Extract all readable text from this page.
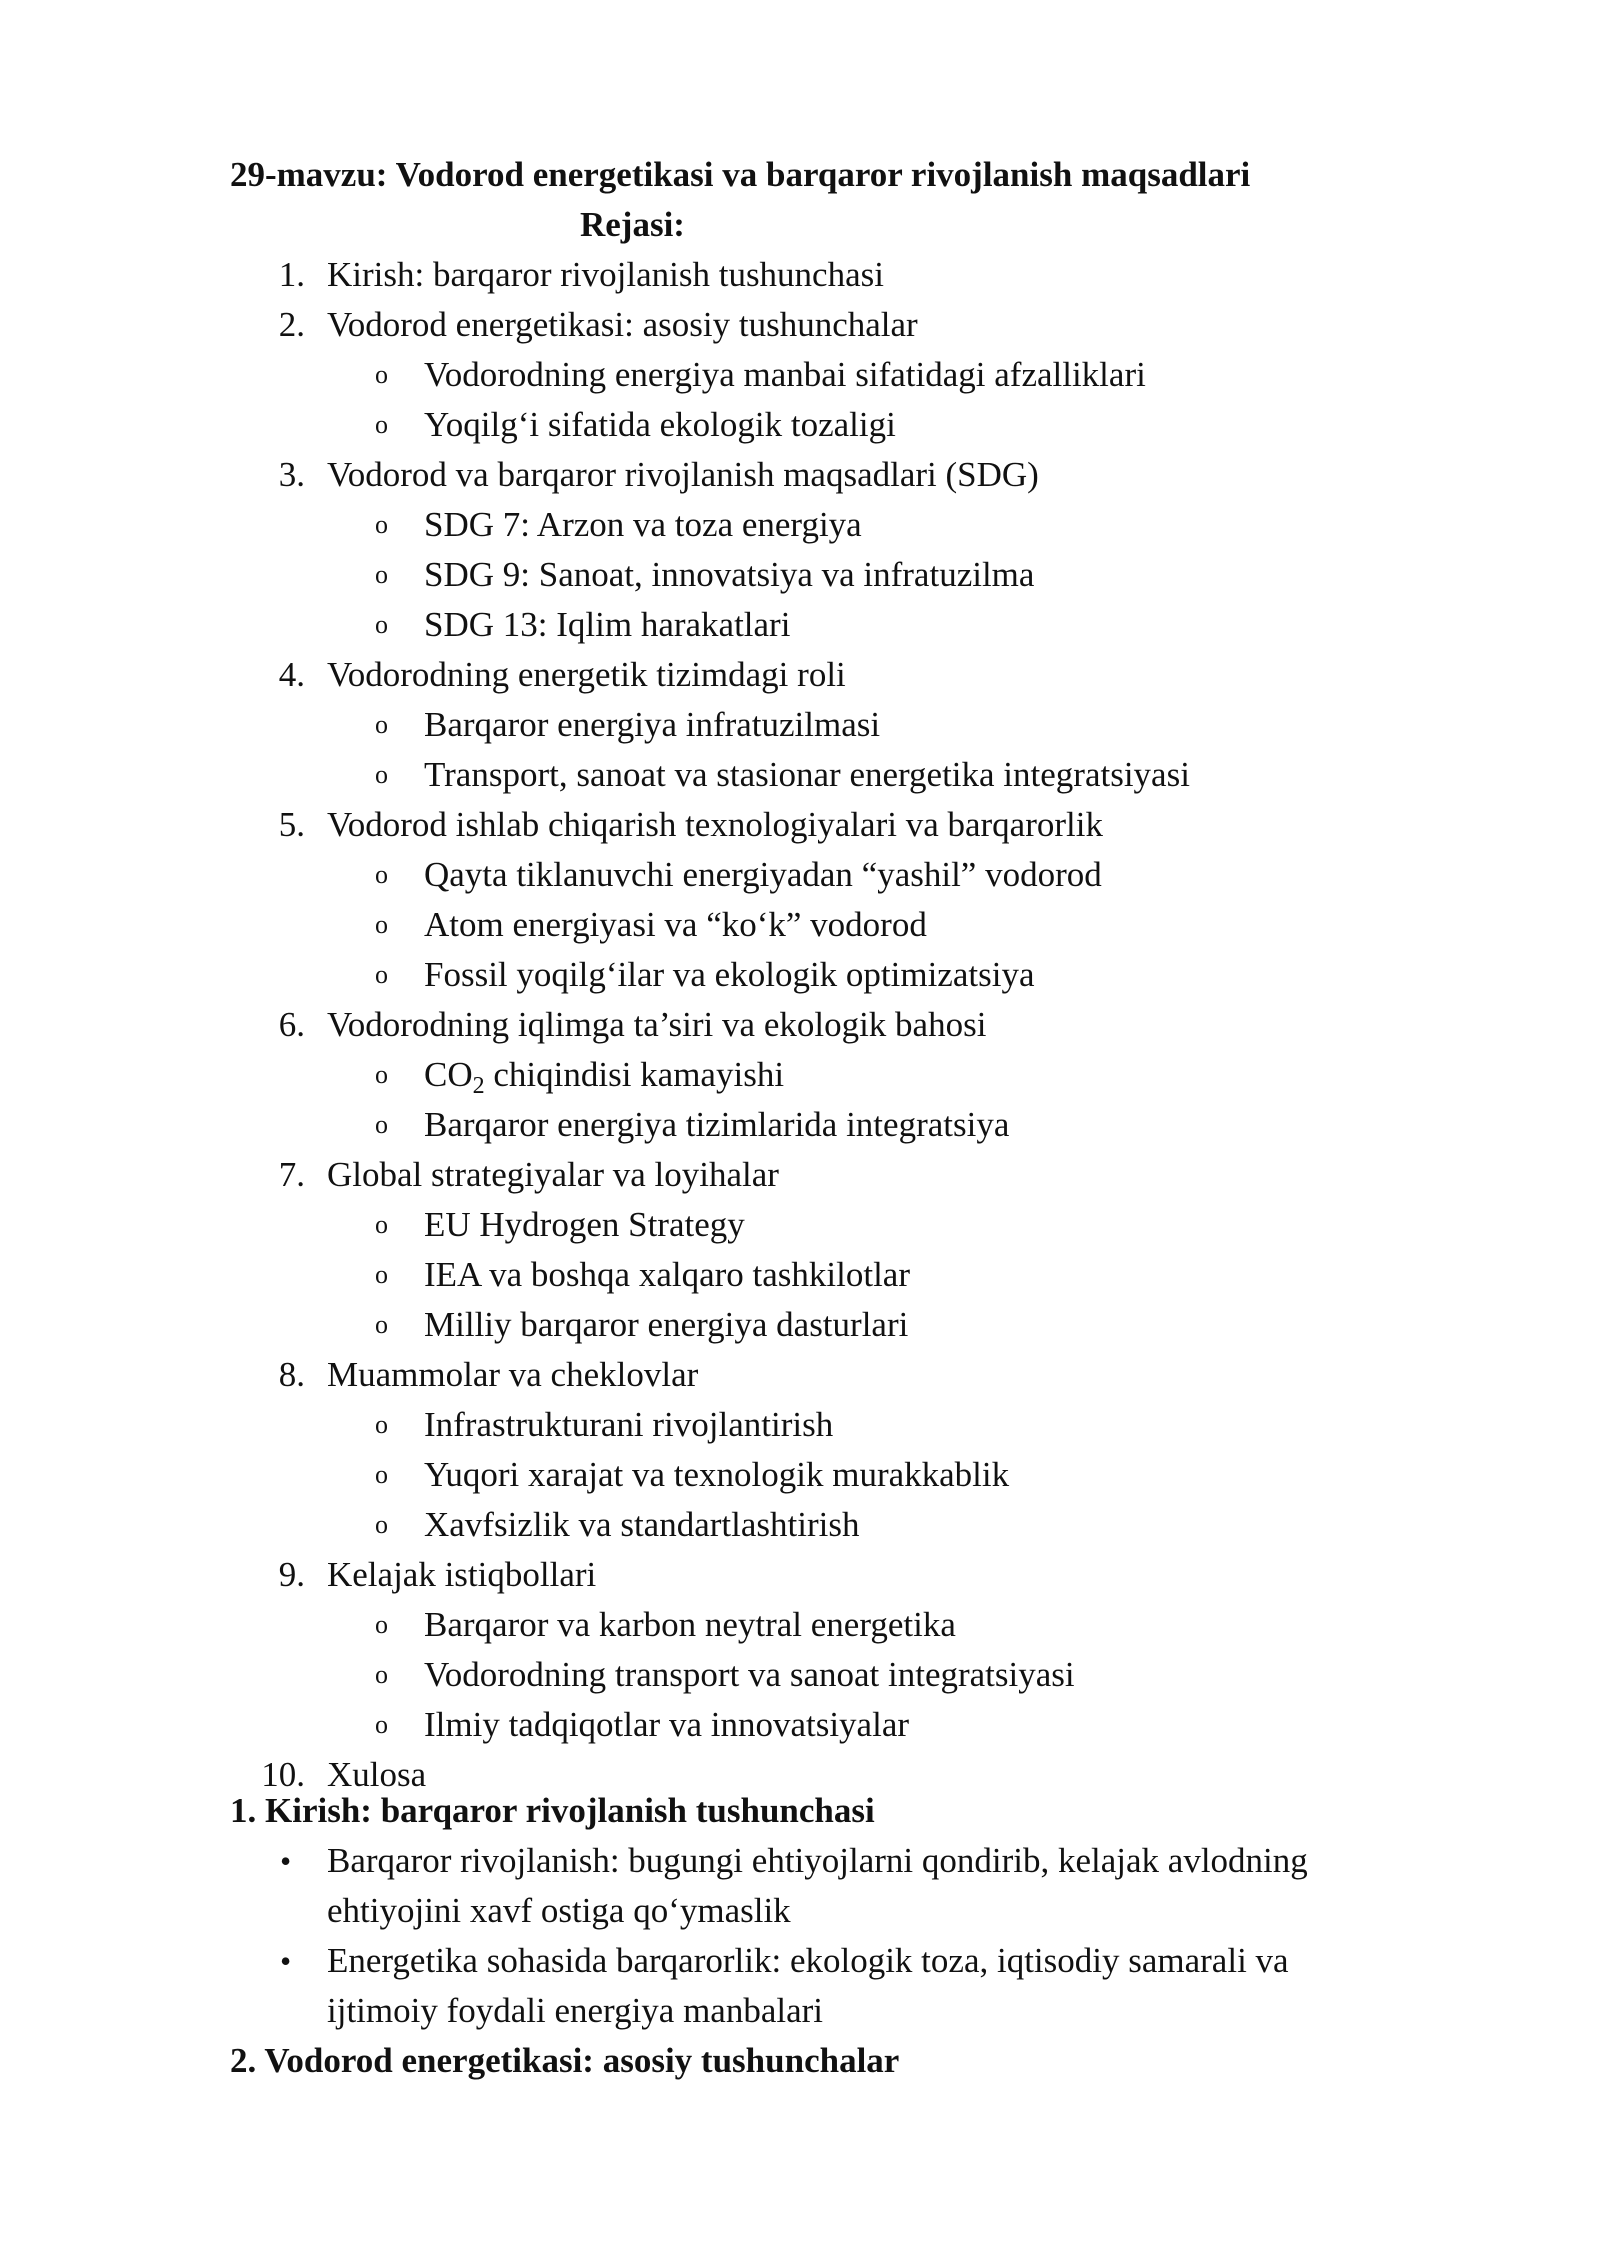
29-mavzu: Vodorod energetikasi va barqaror rivojlanish maqsadlari
Rejasi:
1. Kirish: barqaror rivojlanish tushunchasi
2. Vodorod energetikasi: asosiy tushunchalar
o Vodorodning energiya manbai sifatidagi afzalliklari
o Yoqilg‘i sifatida ekologik tozaligi
3. Vodorod va barqaror rivojlanish maqsadlari (SDG)
o SDG 7: Arzon va toza energiya
o SDG 9: Sanoat, innovatsiya va infratuzilma
o SDG 13: Iqlim harakatlari
4. Vodorodning energetik tizimdagi roli
o Barqaror energiya infratuzilmasi
o Transport, sanoat va stasionar energetika integratsiyasi
5. Vodorod ishlab chiqarish texnologiyalari va barqarorlik
o Qayta tiklanuvchi energiyadan “yashil” vodorod
o Atom energiyasi va “ko‘k” vodorod
o Fossil yoqilg‘ilar va ekologik optimizatsiya
6. Vodorodning iqlimga ta’siri va ekologik bahosi
o $CO_2$ chiqindisi kamayishi
o Barqaror energiya tizimlarida integratsiya
7. Global strategiyalar va loyihalar
o EU Hydrogen Strategy
o IEA va boshqa xalqaro tashkilotlar
o Milliy barqaror energiya dasturlari
8. Muammolar va cheklovlar
o Infrastrukturani rivojlantirish
o Yuqori xarajat va texnologik murakkablik
o Xavfsizlik va standartlashtirish
9. Kelajak istiqbollari
o Barqaror va karbon neytral energetika
o Vodorodning transport va sanoat integratsiyasi
o Ilmiy tadqiqotlar va innovatsiyalar
10. Xulosa
1. Kirish: barqaror rivojlanish tushunchasi
• Barqaror rivojlanish: bugungi ehtiyojlarni qondirib, kelajak avlodning ehtiyojini xavf ostiga qo‘ymaslik
• Energetika sohasida barqarorlik: ekologik toza, iqtisodiy samarali va ijtimoiy foydali energiya manbalari
2. Vodorod energetikasi: asosiy tushunchalar
